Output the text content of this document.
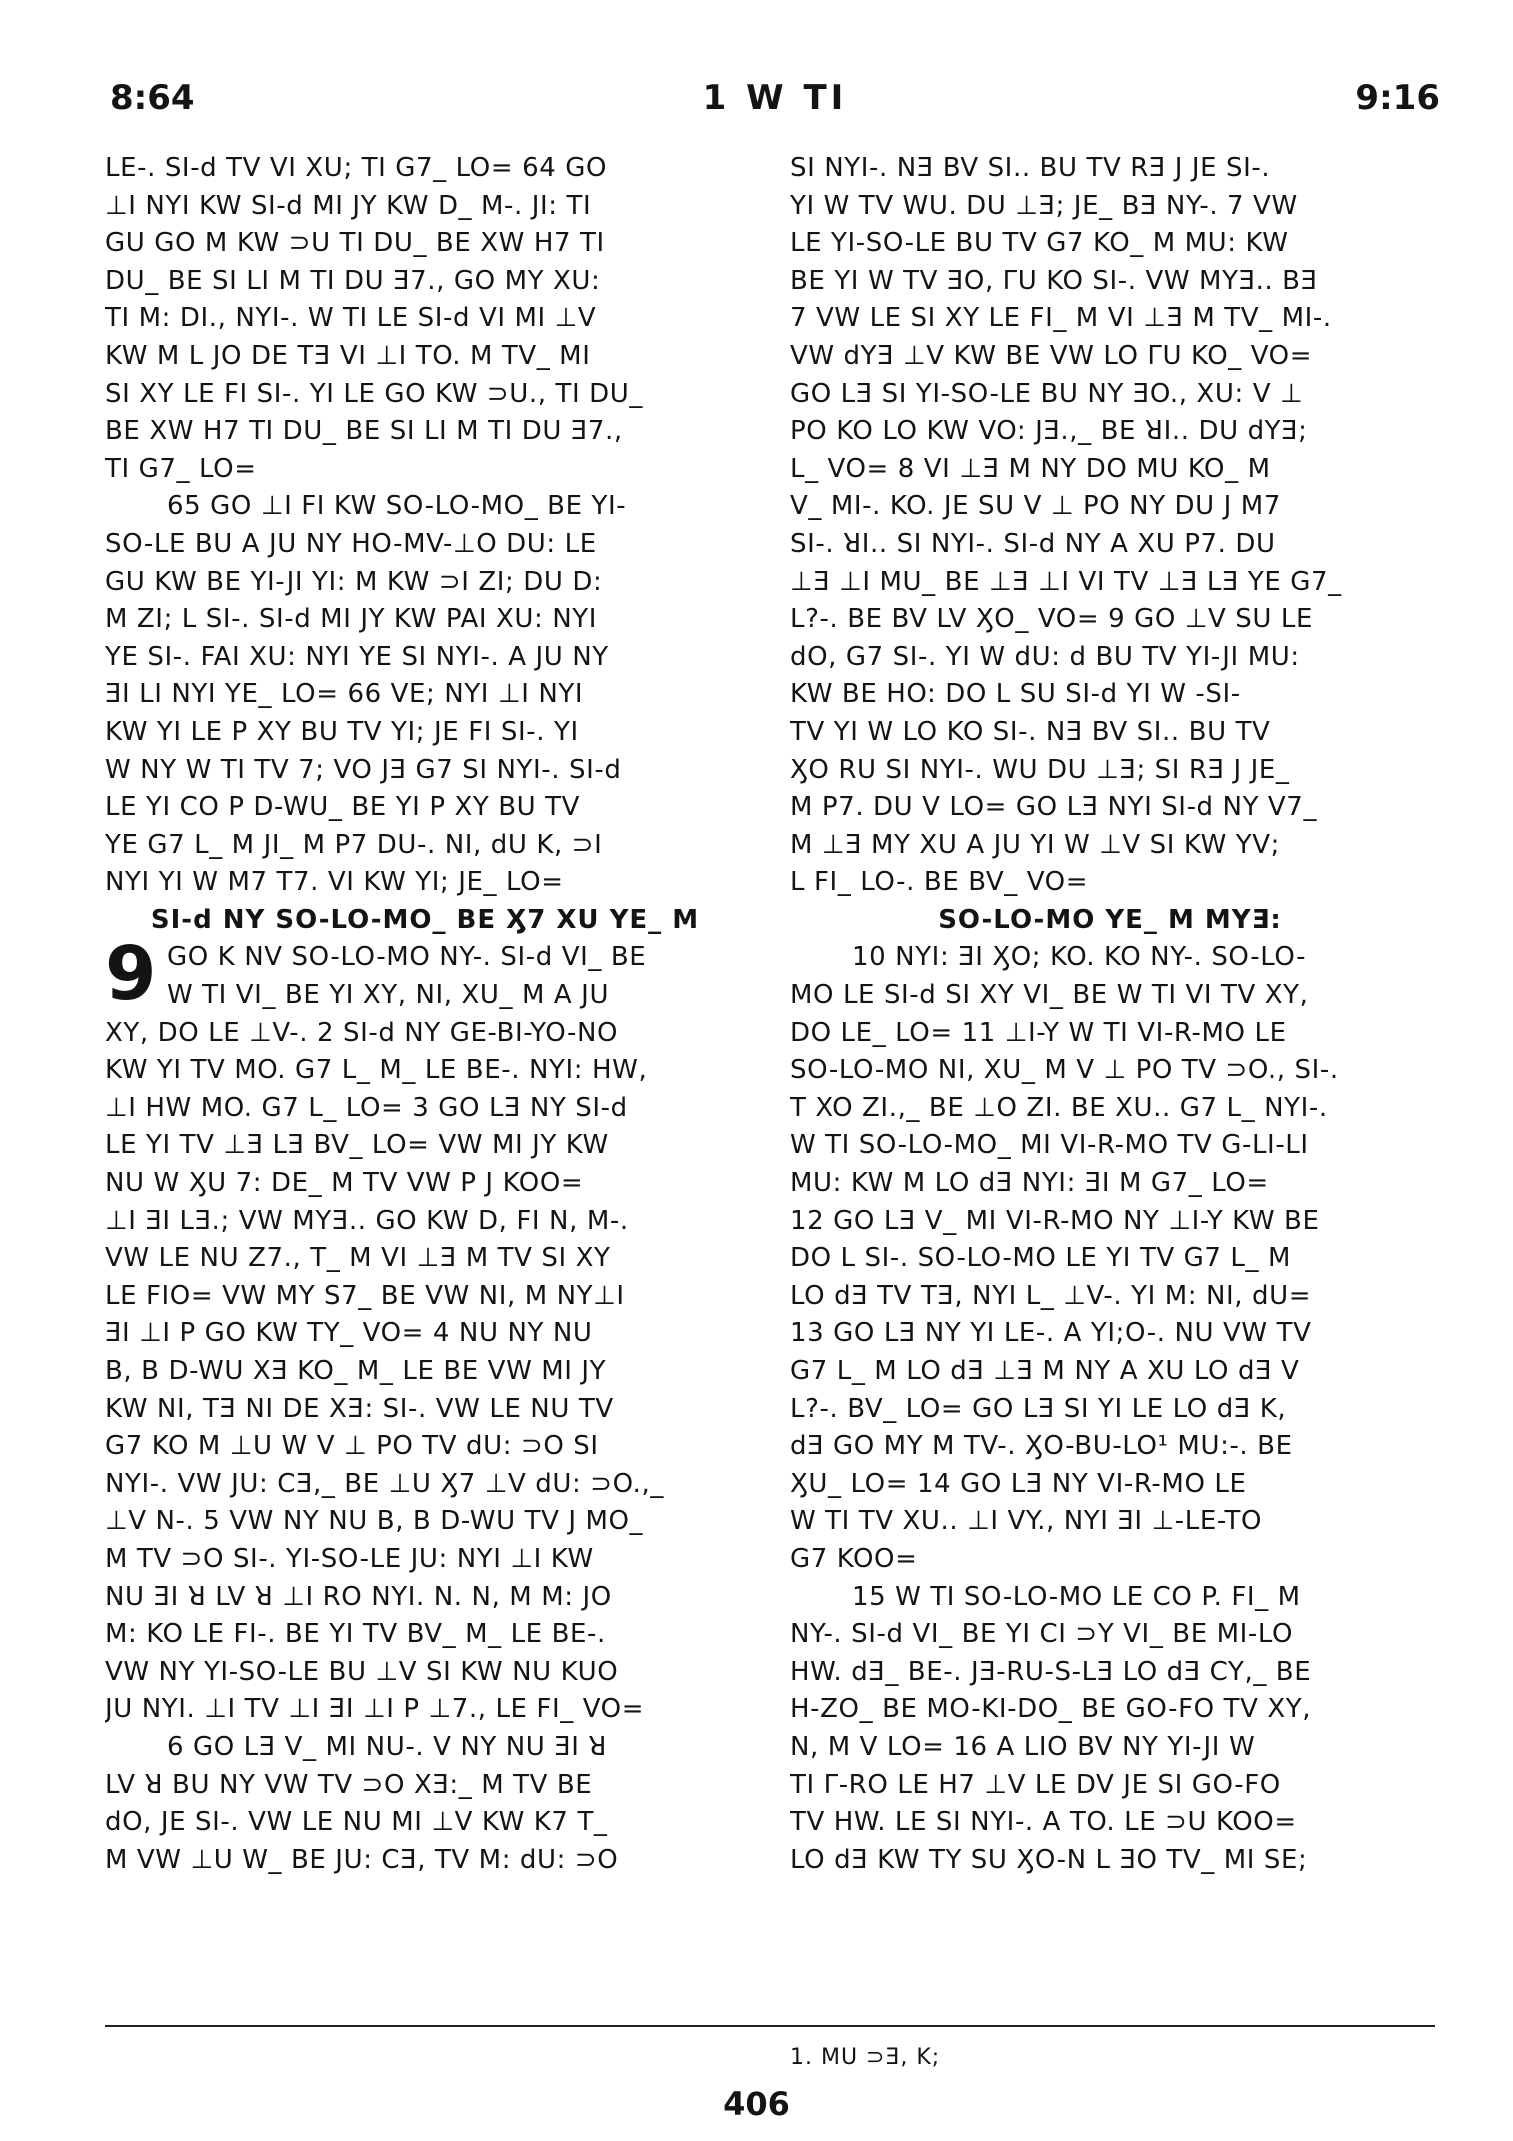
1 W TI
8:64	9:16
LE-. SI-d TV VI XU; TI G7_ LO= 64 GO
⊥I NYI KW SI-d MI JY KW D_ M-. JI: TI
GU GO M KW ⊃U TI DU_ BE XW H7 TI
DU_ BE SI LI M TI DU Ǝ7., GO MY XU:
TI M: DI., NYI-. W TI LE SI-d VI MI ⊥V
KW M L JO DE TƎ VI ⊥I TO. M TV_ MI
SI XY LE FI SI-. YI LE GO KW ⊃U., TI DU_
BE XW H7 TI DU_ BE SI LI M TI DU Ǝ7.,
TI G7_ LO=
65 GO ⊥I FI KW SO-LO-MO_ BE YI-
SO-LE BU A JU NY HO-MV-⊥O DU: LE
GU KW BE YI-JI YI: M KW ⊃I ZI; DU D:
M ZI; L SI-. SI-d MI JY KW PAI XU: NYI
YE SI-. FAI XU: NYI YE SI NYI-. A JU NY
ƎI LI NYI YE_ LO= 66 VE; NYI ⊥I NYI
KW YI LE P XY BU TV YI; JE FI SI-. YI
W NY W TI TV 7; VO JƎ G7 SI NYI-. SI-d
LE YI CO P D-WU_ BE YI P XY BU TV
YE G7 L_ M JI_ M P7 DU-. NI, dU K, ⊃I
NYI YI W M7 T7. VI KW YI; JE_ LO=
SI-d NY SO-LO-MO_ BE Ӽ7 XU YE_ M
9 GO K NV SO-LO-MO NY-. SI-d VI_ BE
W TI VI_ BE YI XY, NI, XU_ M A JU
XY, DO LE ⊥V-. 2 SI-d NY GE-BI-YO-NO
KW YI TV MO. G7 L_ M_ LE BE-. NYI: HW,
⊥I HW MO. G7 L_ LO= 3 GO LƎ NY SI-d
LE YI TV ⊥Ǝ LƎ BV_ LO= VW MI JY KW
NU W ӼU 7: DE_ M TV VW P J KOO=
⊥I ƎI LƎ.; VW MYƎ.. GO KW D, FI N, M-.
VW LE NU Z7., T_ M VI ⊥Ǝ M TV SI XY
LE FIO= VW MY S7_ BE VW NI, M NY⊥I
ƎI ⊥I P GO KW TY_ VO= 4 NU NY NU
B, B D-WU XƎ KO_ M_ LE BE VW MI JY
KW NI, TƎ NI DE XƎ: SI-. VW LE NU TV
G7 KO M ⊥U W V ⊥ PO TV dU: ⊃O SI
NYI-. VW JU: CƎ,_ BE ⊥U Ӽ7 ⊥V dU: ⊃O.,_
⊥V N-. 5 VW NY NU B, B D-WU TV J MO_
M TV ⊃O SI-. YI-SO-LE JU: NYI ⊥I KW
NU ƎI ꓤ LV ꓤ ⊥I RO NYI. N. N, M M: JO
M: KO LE FI-. BE YI TV BV_ M_ LE BE-.
VW NY YI-SO-LE BU ⊥V SI KW NU KUO
JU NYI. ⊥I TV ⊥I ƎI ⊥I P ⊥7., LE FI_ VO=
6 GO LƎ V_ MI NU-. V NY NU ƎI ꓤ
LV ꓤ BU NY VW TV ⊃O XƎ:_ M TV BE
dO, JE SI-. VW LE NU MI ⊥V KW K7 T_
M VW ⊥U W_ BE JU: CƎ, TV M: dU: ⊃O
SI NYI-. NƎ BV SI.. BU TV RƎ J JE SI-.
YI W TV WU. DU ⊥Ǝ; JE_ BƎ NY-. 7 VW
LE YI-SO-LE BU TV G7 KO_ M MU: KW
BE YI W TV ƎO, ΓU KO SI-. VW MYƎ.. BƎ
7 VW LE SI XY LE FI_ M VI ⊥Ǝ M TV_ MI-.
VW dYƎ ⊥V KW BE VW LO ΓU KO_ VO=
GO LƎ SI YI-SO-LE BU NY ƎO., XU: V ⊥
PO KO LO KW VO: JƎ.,_ BE ꓤI.. DU dYƎ;
L_ VO= 8 VI ⊥Ǝ M NY DO MU KO_ M
V_ MI-. KO. JE SU V ⊥ PO NY DU J M7
SI-. ꓤI.. SI NYI-. SI-d NY A XU P7. DU
⊥Ǝ ⊥I MU_ BE ⊥Ǝ ⊥I VI TV ⊥Ǝ LƎ YE G7_
L?-. BE BV LV ӼO_ VO= 9 GO ⊥V SU LE
dO, G7 SI-. YI W dU: d BU TV YI-JI MU:
KW BE HO: DO L SU SI-d YI W -SI-
TV YI W LO KO SI-. NƎ BV SI.. BU TV
ӼO RU SI NYI-. WU DU ⊥Ǝ; SI RƎ J JE_
M P7. DU V LO= GO LƎ NYI SI-d NY V7_
M ⊥Ǝ MY XU A JU YI W ⊥V SI KW YV;
L FI_ LO-. BE BV_ VO=
SO-LO-MO YE_ M MYƎ:
10 NYI: ƎI ӼO; KO. KO NY-. SO-LO-
MO LE SI-d SI XY VI_ BE W TI VI TV XY,
DO LE_ LO= 11 ⊥I-Y W TI VI-R-MO LE
SO-LO-MO NI, XU_ M V ⊥ PO TV ⊃O., SI-.
T XO ZI.,_ BE ⊥O ZI. BE XU.. G7 L_ NYI-.
W TI SO-LO-MO_ MI VI-R-MO TV G-LI-LI
MU: KW M LO dƎ NYI: ƎI M G7_ LO=
12 GO LƎ V_ MI VI-R-MO NY ⊥I-Y KW BE
DO L SI-. SO-LO-MO LE YI TV G7 L_ M
LO dƎ TV TƎ, NYI L_ ⊥V-. YI M: NI, dU=
13 GO LƎ NY YI LE-. A YI;O-. NU VW TV
G7 L_ M LO dƎ ⊥Ǝ M NY A XU LO dƎ V
L?-. BV_ LO= GO LƎ SI YI LE LO dƎ K,
dƎ GO MY M TV-. ӼO-BU-LO¹ MU:-. BE
ӼU_ LO= 14 GO LƎ NY VI-R-MO LE
W TI TV XU.. ⊥I VY., NYI ƎI ⊥-LE-TO
G7 KOO=
15 W TI SO-LO-MO LE CO P. FI_ M
NY-. SI-d VI_ BE YI CI ⊃Y VI_ BE MI-LO
HW. dƎ_ BE-. JƎ-RU-S-LƎ LO dƎ CY,_ BE
H-ZO_ BE MO-KI-DO_ BE GO-FO TV XY,
N, M V LO= 16 A LIO BV NY YI-JI W
TI Γ-RO LE H7 ⊥V LE DV JE SI GO-FO
TV HW. LE SI NYI-. A TO. LE ⊃U KOO=
LO dƎ KW TY SU ӼO-N L ƎO TV_ MI SE;
1. MU ⊃Ǝ, K;
406
